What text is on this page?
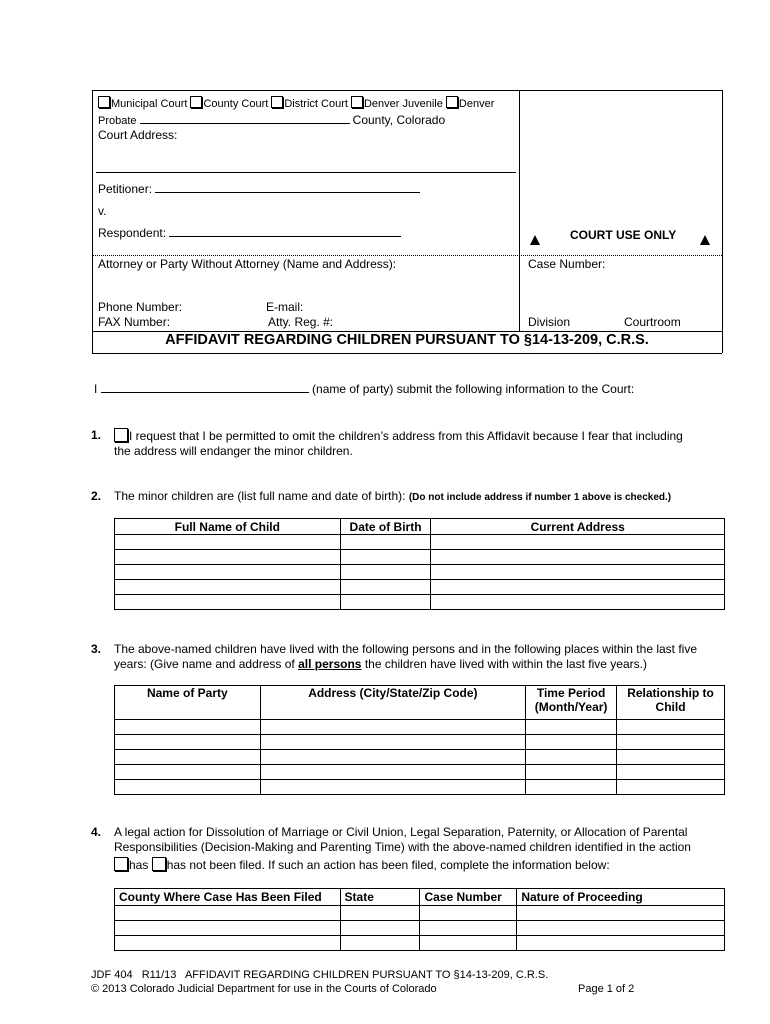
Municipal Court County Court District Court Denver Juvenile Denver
Probate	County, Colorado
Court Address:
Petitioner:
v.
Respondent:	COURT USE ONLY
Attorney or Party Without Attorney (Name and Address):	Case Number:
Phone Number:
FAX Number:
E-mail:
Atty. Reg. #:	Division	Courtroom
AFFIDAVIT REGARDING CHILDREN PURSUANT TO §14-13-209, C.R.S.
I	(name of party) submit the following information to the Court:
1.	I request that I be permitted to omit the children’s address from this Affidavit because I fear that including
the address will endanger the minor children.
2. The minor children are (list full name and date of birth): (Do not include address if number 1 above is checked.)
Full Name of Child	Date of Birth	Current Address

3. The above-named children have lived with the following persons and in the following places within the last five
years: (Give name and address of all persons the children have lived with within the last five years.)
Name of Party	Address (City/State/Zip Code)	Time Period (Month/Year)	Relationship to Child

4. A legal action for Dissolution of Marriage or Civil Union, Legal Separation, Paternity, or Allocation of Parental
Responsibilities (Decision-Making and Parenting Time) with the above-named children identified in the action
has has not been filed. If such an action has been filed, complete the information below:
County Where Case Has Been Filed	State	Case Number	Nature of Proceeding

JDF 404   R11/13   AFFIDAVIT REGARDING CHILDREN PURSUANT TO §14-13-209, C.R.S.
© 2013 Colorado Judicial Department for use in the Courts of Colorado	Page 1 of 2
